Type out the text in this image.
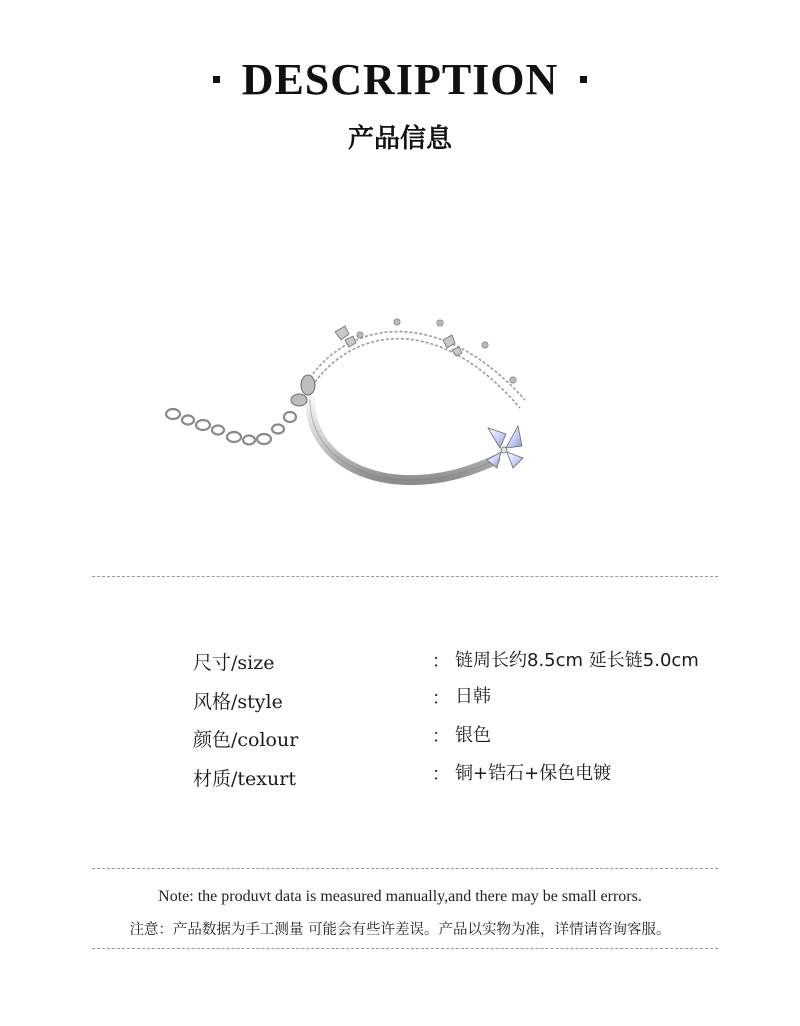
DESCRIPTION
产品信息
尺寸/size	： 链周长约8.5cm 延长链5.0cm
风格/style	： 日韩
颜色/colour	： 银色
材质/texurt	： 铜+锆石+保色电镀
Note: the produvt data is measured manually,and there may be small errors.
注意：产品数据为手工测量 可能会有些许差误。产品以实物为准，详情请咨询客服。
